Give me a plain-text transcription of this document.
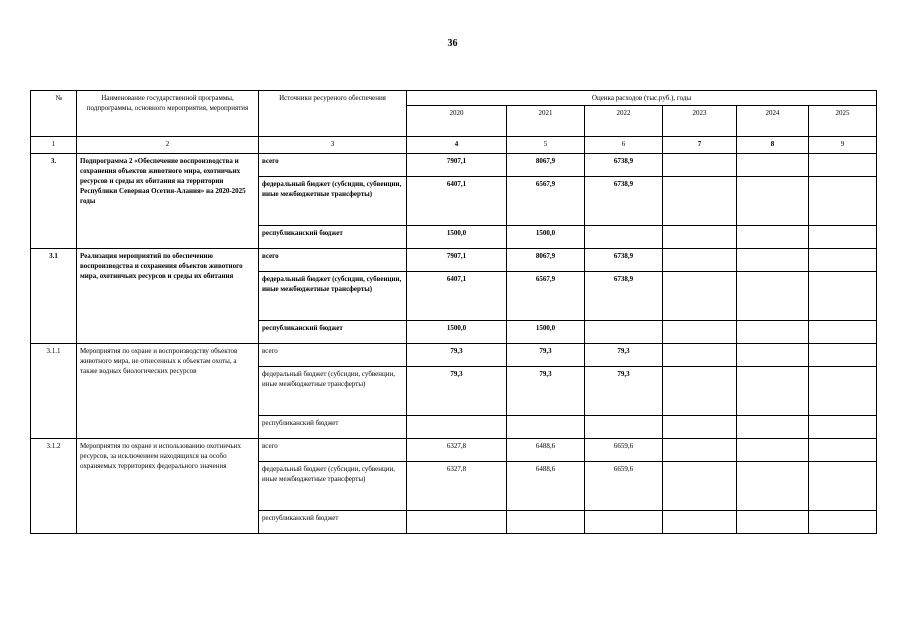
36
№	Наименование государственной программы, подпрограммы, основного мероприятия, мероприятия	Источники ресуреного обеспечения	Оценка расходов (тыс.руб.), годы					
			2020	2021	2022	2023	2024	2025
1	2	3	4	5	6	7	8	9
3.	Подпрограмма 2 «Обеспечение воспроизводства и сохранения объектов животного мира, охотничьих ресурсов и среды их обитания на территории Республики Северная Осетия-Алания» на 2020-2025 годы	всего	7907,1	8067,9	6738,9			
		федеральный бюджет (субсидии, субвенции, иные межбюджетные трансферты)	6407,1	6567,9	6738,9			
		республиканский бюджет	1500,0	1500,0				
3.1	Реализация мероприятий по обеспечению воспроизводства и сохранения объектов животного мира, охотничьих ресурсов и среды их обитания	всего	7907,1	8067,9	6738,9			
		федеральный бюджет (субсидии, субвенции, иные межбюджетные трансферты)	6407,1	6567,9	6738,9			
		республиканский бюджет	1500,0	1500,0				
3.1.1	Мероприятия по охране и воспроизводству объектов животного мира, не отнесенных к объектам охоты, а также водных биологических ресурсов	всего	79,3	79,3	79,3			
		федеральный бюджет (субсидии, субвенции, иные межбюджетные трансферты)	79,3	79,3	79,3			
		республиканский бюджет						
3.1.2	Мероприятия по охране и использованию охотничьих ресурсов, за исключением находящихся на особо охраняемых территориях федерального значения	всего	6327,8	6488,6	6659,6			
		федеральный бюджет (субсидии, субвенции, иные межбюджетные трансферты)	6327,8	6488,6	6659,6			
		республиканский бюджет						
